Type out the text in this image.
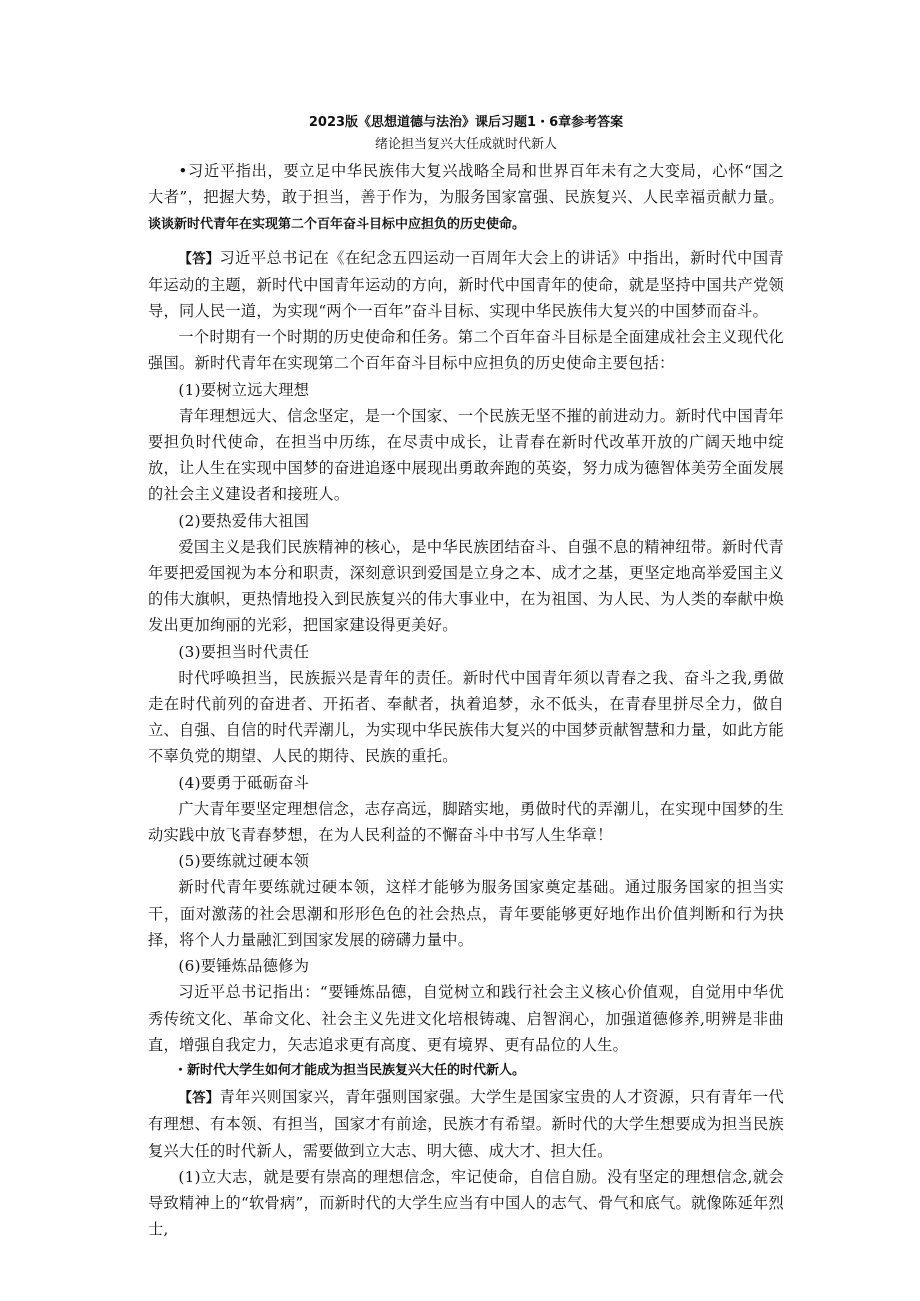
2023版《思想道德与法治》课后习题1・6章参考答案

绪论担当复兴大任成就时代新人

•习近平指出，要立足中华民族伟大复兴战略全局和世界百年未有之大变局，心怀“国之大者”，把握大势，敢于担当，善于作为，为服务国家富强、民族复兴、人民幸福贡献力量。谈谈新时代青年在实现第二个百年奋斗目标中应担负的历史使命。

【答】习近平总书记在《在纪念五四运动一百周年大会上的讲话》中指出，新时代中国青年运动的主题，新时代中国青年运动的方向，新时代中国青年的使命，就是坚持中国共产党领导，同人民一道，为实现“两个一百年”奋斗目标、实现中华民族伟大复兴的中国梦而奋斗。

一个时期有一个时期的历史使命和任务。第二个百年奋斗目标是全面建成社会主义现代化强国。新时代青年在实现第二个百年奋斗目标中应担负的历史使命主要包括：

(1)要树立远大理想

青年理想远大、信念坚定，是一个国家、一个民族无坚不摧的前进动力。新时代中国青年要担负时代使命，在担当中历练，在尽责中成长，让青春在新时代改革开放的广阔天地中绽放，让人生在实现中国梦的奋进追逐中展现出勇敢奔跑的英姿，努力成为德智体美劳全面发展的社会主义建设者和接班人。

(2)要热爱伟大祖国

爱国主义是我们民族精神的核心，是中华民族团结奋斗、自强不息的精神纽带。新时代青年要把爱国视为本分和职责，深刻意识到爱国是立身之本、成才之基，更坚定地高举爱国主义的伟大旗帜，更热情地投入到民族复兴的伟大事业中，在为祖国、为人民、为人类的奉献中焕发出更加绚丽的光彩，把国家建设得更美好。

(3)要担当时代责任

时代呼唤担当，民族振兴是青年的责任。新时代中国青年须以青春之我、奋斗之我,勇做走在时代前列的奋进者、开拓者、奉献者，执着追梦，永不低头，在青春里拼尽全力，做自立、自强、自信的时代弄潮儿，为实现中华民族伟大复兴的中国梦贡献智慧和力量，如此方能不辜负党的期望、人民的期待、民族的重托。

(4)要勇于砥砺奋斗

广大青年要坚定理想信念，志存高远，脚踏实地，勇做时代的弄潮儿，在实现中国梦的生动实践中放飞青春梦想，在为人民利益的不懈奋斗中书写人生华章！

(5)要练就过硬本领

新时代青年要练就过硬本领，这样才能够为服务国家奠定基础。通过服务国家的担当实干，面对激荡的社会思潮和形形色色的社会热点，青年要能够更好地作出价值判断和行为抉择，将个人力量融汇到国家发展的磅礴力量中。

(6)要锤炼品德修为

习近平总书记指出：“要锤炼品德，自觉树立和践行社会主义核心价值观，自觉用中华优秀传统文化、革命文化、社会主义先进文化培根铸魂、启智润心，加强道德修养,明辨是非曲直，增强自我定力，矢志追求更有高度、更有境界、更有品位的人生。

・新时代大学生如何才能成为担当民族复兴大任的时代新人。

【答】青年兴则国家兴，青年强则国家强。大学生是国家宝贵的人才资源，只有青年一代有理想、有本领、有担当，国家才有前途，民族才有希望。新时代的大学生想要成为担当民族复兴大任的时代新人，需要做到立大志、明大德、成大才、担大任。

(1)立大志，就是要有崇高的理想信念，牢记使命，自信自励。没有坚定的理想信念,就会导致精神上的“软骨病”，而新时代的大学生应当有中国人的志气、骨气和底气。就像陈延年烈士,
